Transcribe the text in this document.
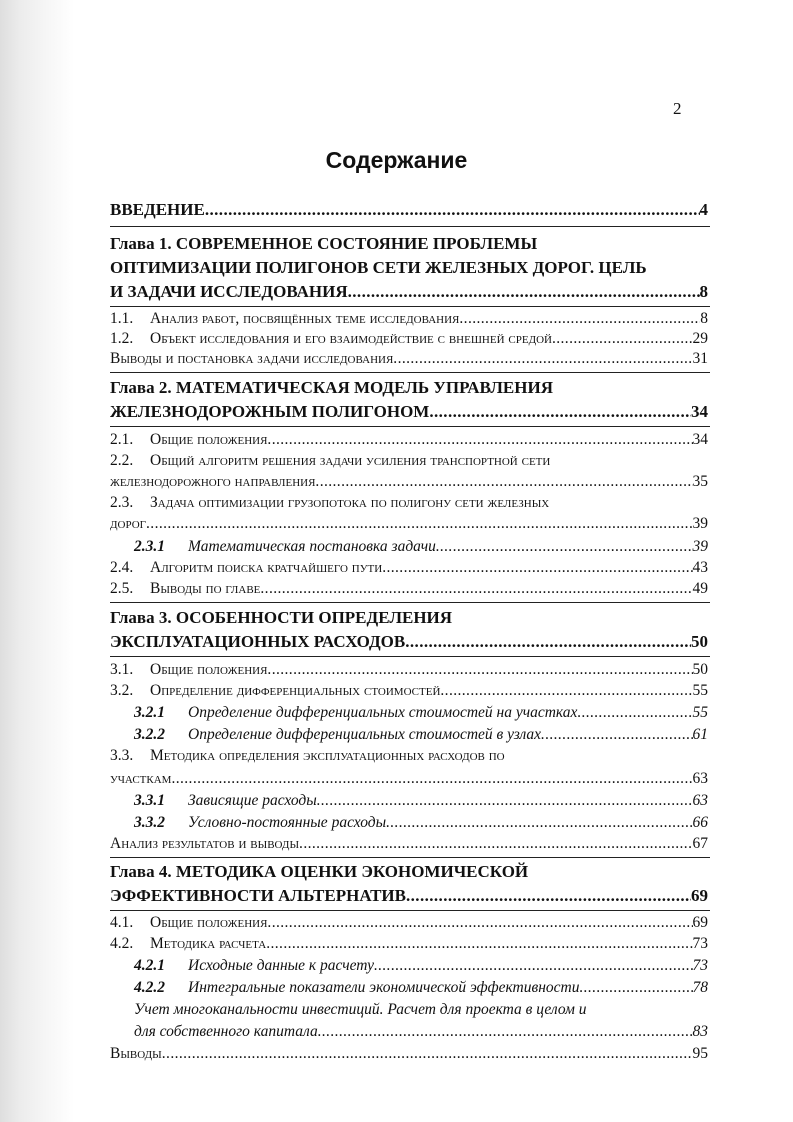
2
Содержание
ВВЕДЕНИЕ .....	4
Глава 1. СОВРЕМЕННОЕ СОСТОЯНИЕ ПРОБЛЕМЫ
ОПТИМИЗАЦИИ ПОЛИГОНОВ СЕТИ ЖЕЛЕЗНЫХ ДОРОГ. ЦЕЛЬ
И ЗАДАЧИ ИССЛЕДОВАНИЯ .....	8
1.1. Анализ работ, посвящённых теме исследования .....	8
1.2. Объект исследования и его взаимодействие с внешней средой .....	29
Выводы и постановка задачи исследования .....	31
Глава 2. МАТЕМАТИЧЕСКАЯ МОДЕЛЬ УПРАВЛЕНИЯ
ЖЕЛЕЗНОДОРОЖНЫМ ПОЛИГОНОМ .....	34
2.1. Общие положения .....	34
2.2. Общий алгоритм решения задачи усиления транспортной сети
железнодорожного направления .....	35
2.3. Задача оптимизации грузопотока по полигону сети железных
дорог .....	39
2.3.1 Математическая постановка задачи .....	39
2.4. Алгоритм поиска кратчайшего пути .....	43
2.5. Выводы по главе .....	49
Глава 3. ОСОБЕННОСТИ ОПРЕДЕЛЕНИЯ
ЭКСПЛУАТАЦИОННЫХ РАСХОДОВ .....	50
3.1. Общие положения .....	50
3.2. Определение дифференциальных стоимостей .....	55
3.2.1 Определение дифференциальных стоимостей на участках .....	55
3.2.2 Определение дифференциальных стоимостей в узлах .....	61
3.3. Методика определения эксплуатационных расходов по
участкам .....	63
3.3.1 Зависящие расходы .....	63
3.3.2 Условно-постоянные расходы .....	66
Анализ результатов и выводы .....	67
Глава 4. МЕТОДИКА ОЦЕНКИ ЭКОНОМИЧЕСКОЙ
ЭФФЕКТИВНОСТИ АЛЬТЕРНАТИВ .....	69
4.1. Общие положения .....	69
4.2. Методика расчета .....	73
4.2.1 Исходные данные к расчету .....	73
4.2.2 Интегральные показатели экономической эффективности .....	78
Учет многоканальности инвестиций. Расчет для проекта в целом и
для собственного капитала .....	83
Выводы .....	95
